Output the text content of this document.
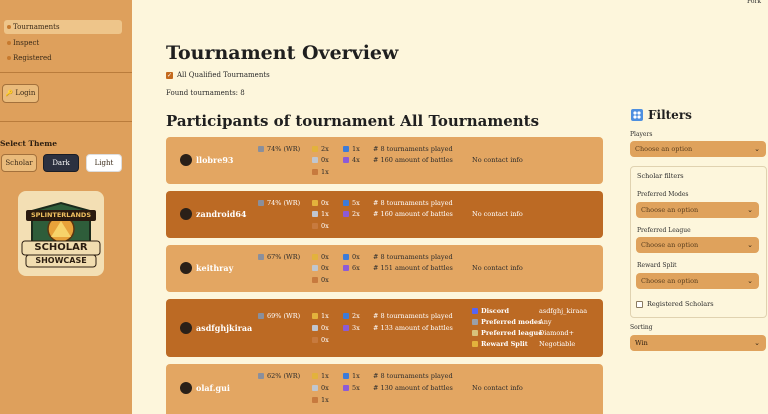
Fork
Tournaments
Inspect
Registered
🔑 Login
Select Theme
Scholar	Dark	Light
SPLINTERLANDS
SCHOLAR
SHOWCASE
Tournament Overview
✓ All Qualified Tournaments
Found tournaments: 8
Participants of tournament All Tournaments
llobre93
74% (WR)	2x
0x
1x
1x
4x
# 8 tournaments played
# 160 amount of battles	No contact info
zandroid64
74% (WR)	0x
1x
0x
5x
2x
# 8 tournaments played
# 160 amount of battles	No contact info
keithray
67% (WR)	0x
0x
0x
0x
6x
# 8 tournaments played
# 151 amount of battles	No contact info
asdfghjkiraa
69% (WR)	1x
0x
0x
2x
3x
# 8 tournaments played
# 133 amount of battles
Discord	asdfghj_kiraaa
Preferred modes
Any
Preferred league
Diamond+
Reward Split Negotiable
olaf.gui
62% (WR)	1x
0x
1x
1x
5x
# 8 tournaments played
# 130 amount of battles	No contact info
Filters
Players
Choose an option	⌄
Scholar filters
Preferred Modes
Choose an option	⌄
Preferred League
Choose an option	⌄
Reward Split
Choose an option	⌄
Registered Scholars
Sorting
Win	⌄
